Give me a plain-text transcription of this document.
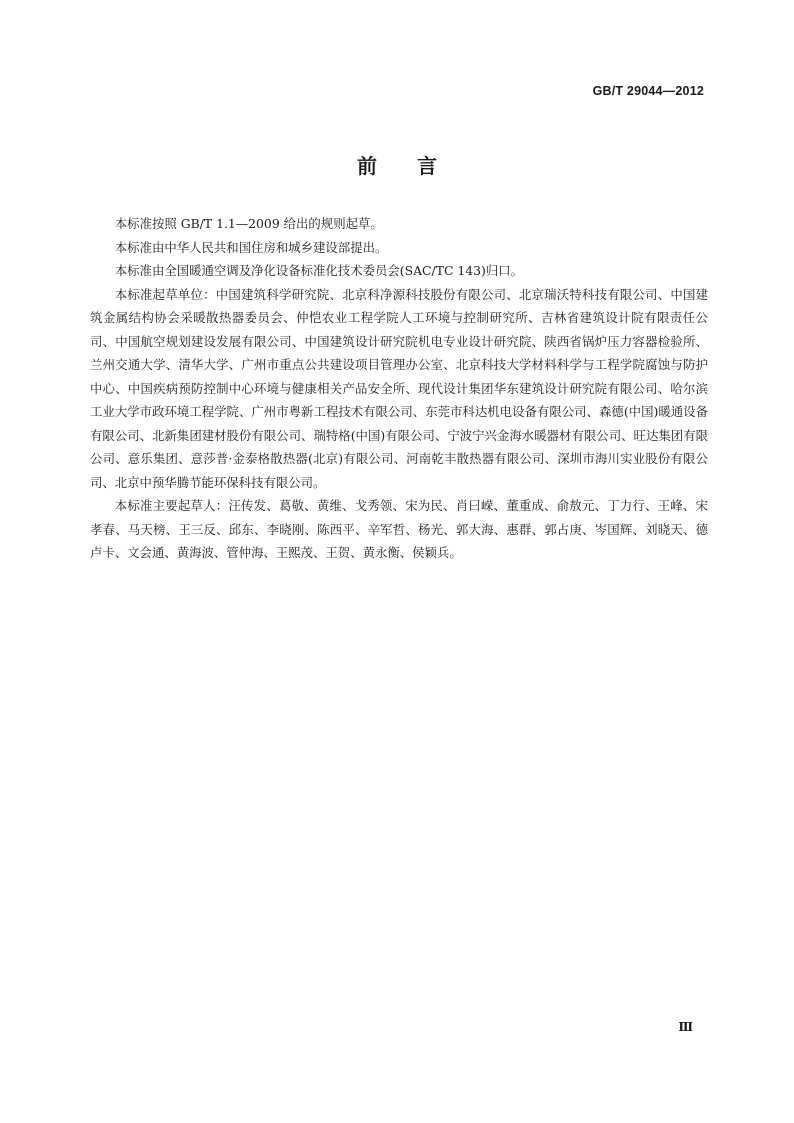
GB/T 29044—2012
前 言

本标准按照 GB/T 1.1—2009 给出的规则起草。

本标准由中华人民共和国住房和城乡建设部提出。

本标准由全国暖通空调及净化设备标准化技术委员会(SAC/TC 143)归口。

本标准起草单位：中国建筑科学研究院、北京科净源科技股份有限公司、北京瑞沃特科技有限公司、中国建筑金属结构协会采暖散热器委员会、仲恺农业工程学院人工环境与控制研究所、吉林省建筑设计院有限责任公司、中国航空规划建设发展有限公司、中国建筑设计研究院机电专业设计研究院、陕西省锅炉压力容器检验所、兰州交通大学、清华大学、广州市重点公共建设项目管理办公室、北京科技大学材料科学与工程学院腐蚀与防护中心、中国疾病预防控制中心环境与健康相关产品安全所、现代设计集团华东建筑设计研究院有限公司、哈尔滨工业大学市政环境工程学院、广州市粤新工程技术有限公司、东莞市科达机电设备有限公司、森德(中国)暖通设备有限公司、北新集团建材股份有限公司、瑞特格(中国)有限公司、宁波宁兴金海水暖器材有限公司、旺达集团有限公司、意乐集团、意莎普·金泰格散热器(北京)有限公司、河南乾丰散热器有限公司、深圳市海川实业股份有限公司、北京中预华腾节能环保科技有限公司。

本标准主要起草人：汪传发、葛敬、黄维、戈秀领、宋为民、肖曰嵘、董重成、俞敖元、丁力行、王峰、宋孝春、马天榜、王三反、邱东、李晓刚、陈西平、辛军哲、杨光、郭大海、惠群、郭占庚、岑国辉、刘晓天、德卢卡、文会通、黄海波、管仲海、王熙茂、王贺、黄永衡、侯颖兵。

Ⅲ
